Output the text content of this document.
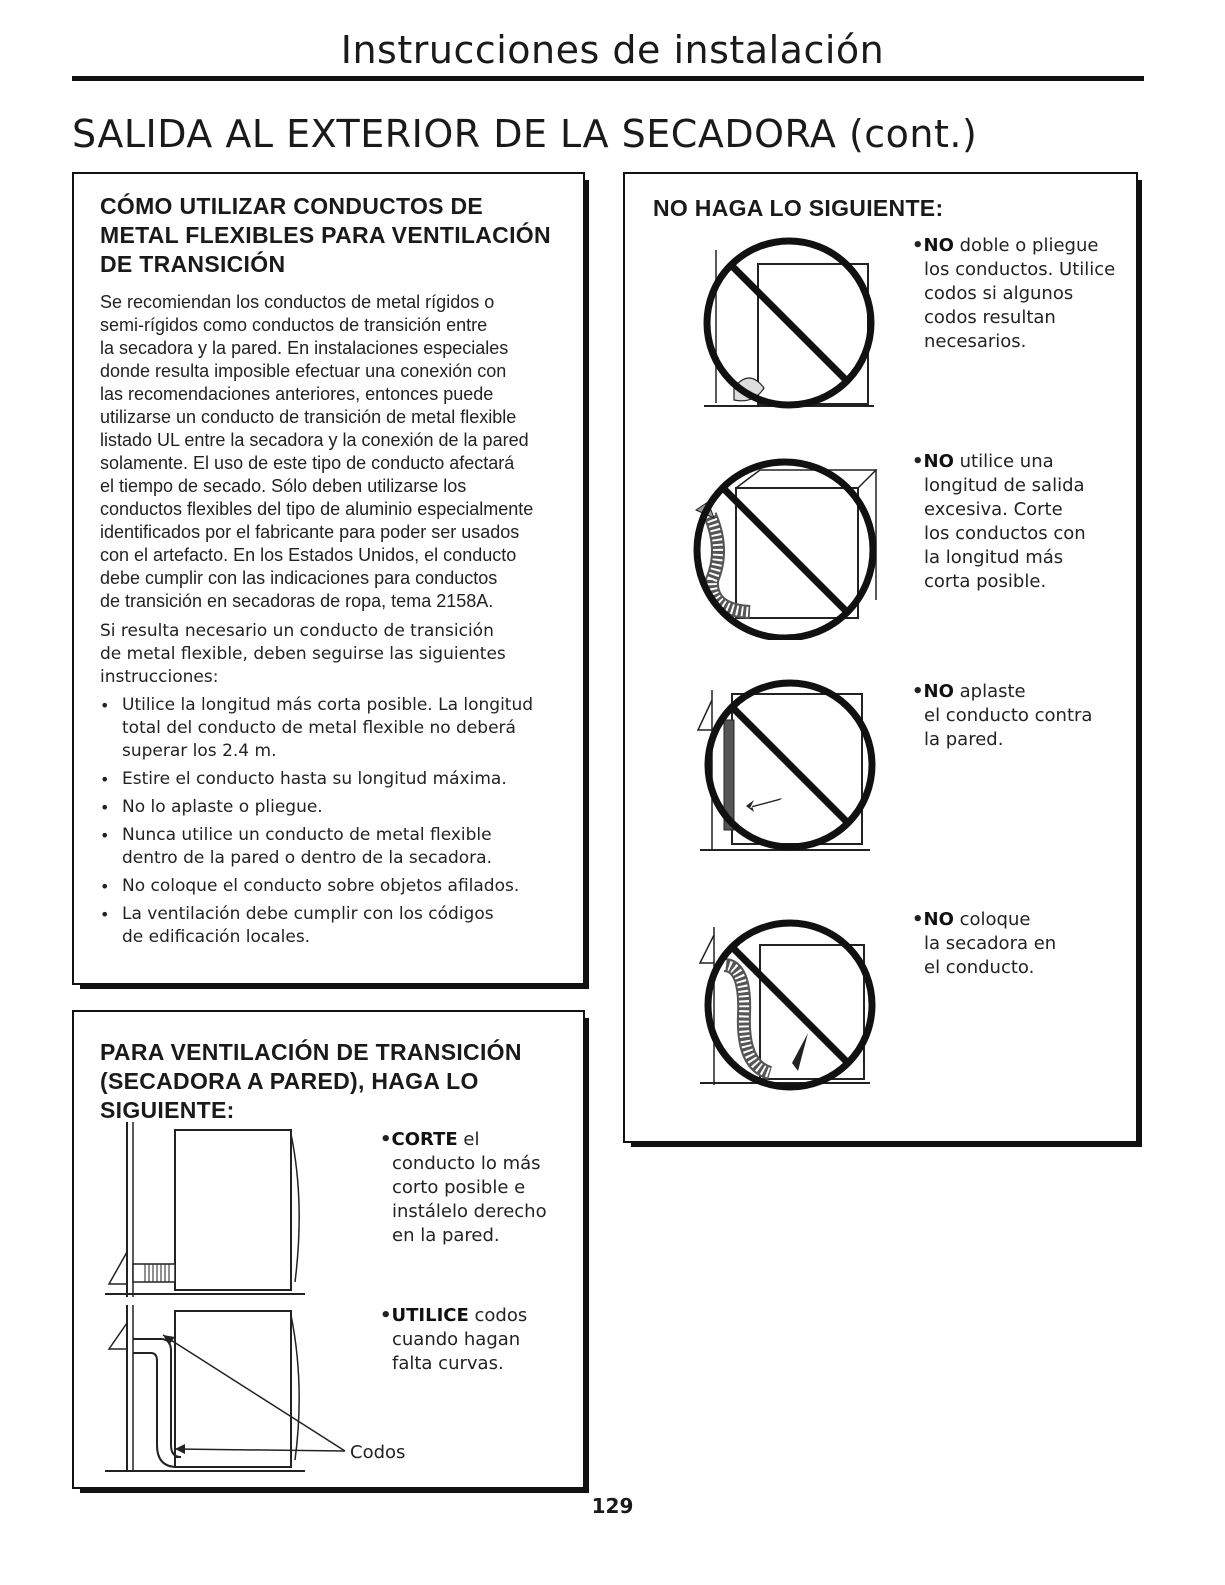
Instrucciones de instalación
SALIDA AL EXTERIOR DE LA SECADORA (cont.)

CÓMO UTILIZAR CONDUCTOS DE

METAL FLEXIBLES PARA VENTILACIÓN

DE TRANSICIÓN

Se recomiendan los conductos de metal rígidos o

semi-rígidos como conductos de transición entre

la secadora y la pared. En instalaciones especiales

donde resulta imposible efectuar una conexión con

las recomendaciones anteriores, entonces puede

utilizarse un conducto de transición de metal flexible

listado UL entre la secadora y la conexión de la pared

solamente. El uso de este tipo de conducto afectará

el tiempo de secado. Sólo deben utilizarse los

conductos flexibles del tipo de aluminio especialmente

identificados por el fabricante para poder ser usados

con el artefacto. En los Estados Unidos, el conducto

debe cumplir con las indicaciones para conductos

de transición en secadoras de ropa, tema 2158A.

Si resulta necesario un conducto de transición

de metal flexible, deben seguirse las siguientes

instrucciones:

• Utilice la longitud más corta posible. La longitud
total del conducto de metal flexible no deberá
superar los 2.4 m.
• Estire el conducto hasta su longitud máxima.
• No lo aplaste o pliegue.
• Nunca utilice un conducto de metal flexible
dentro de la pared o dentro de la secadora.
• No coloque el conducto sobre objetos afilados.
• La ventilación debe cumplir con los códigos
de edificación locales.

PARA VENTILACIÓN DE TRANSICIÓN

(SECADORA A PARED), HAGA LO

SIGUIENTE:

•CORTE el
conducto lo más
corto posible e
instálelo derecho
en la pared.
Codos
•UTILICE codos
cuando hagan
falta curvas.

NO HAGA LO SIGUIENTE:

•NO doble o pliegue
los conductos. Utilice
codos si algunos
codos resultan
necesarios.
•NO utilice una
longitud de salida
excesiva. Corte
los conductos con
la longitud más
corta posible.
•NO aplaste
el conducto contra
la pared.
•NO coloque
la secadora en
el conducto.
129
